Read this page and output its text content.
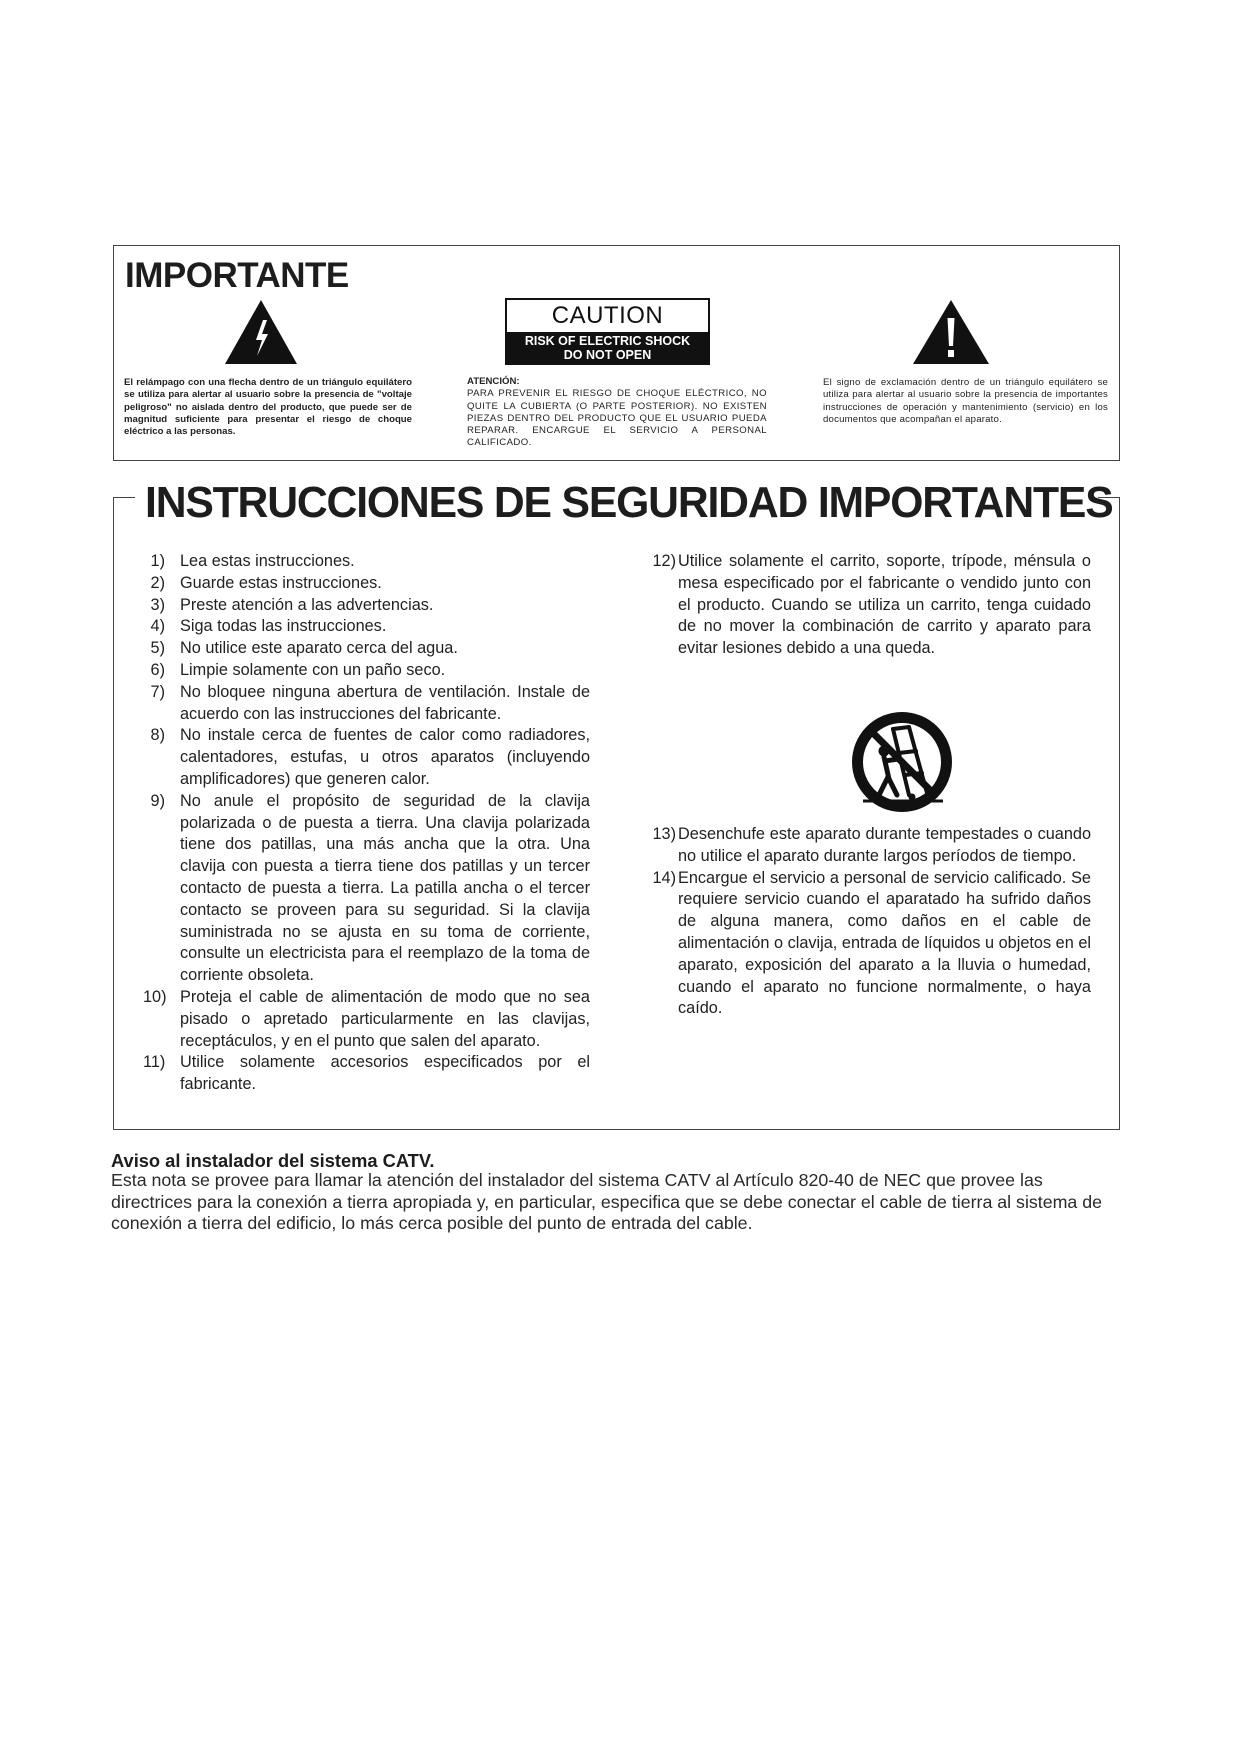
IMPORTANTE
CAUTION
RISK OF ELECTRIC SHOCK
DO NOT OPEN

El relámpago con una flecha dentro de un triángulo equilátero se utiliza para alertar al usuario sobre la presencia de "voltaje peligroso" no aislada dentro del producto, que puede ser de magnitud suficiente para presentar el riesgo de choque eléctrico a las personas.

ATENCIÓN:
PARA PREVENIR EL RIESGO DE CHOQUE ELÉCTRICO, NO QUITE LA CUBIERTA (O PARTE POSTERIOR). NO EXISTEN PIEZAS DENTRO DEL PRODUCTO QUE EL USUARIO PUEDA REPARAR. ENCARGUE EL SERVICIO A PERSONAL CALIFICADO.

El signo de exclamación dentro de un triángulo equilátero se utiliza para alertar al usuario sobre la presencia de importantes instrucciones de operación y mantenimiento (servicio) en los documentos que acompañan el aparato.

INSTRUCCIONES DE SEGURIDAD IMPORTANTES
1) Lea estas instrucciones.
2) Guarde estas instrucciones.
3) Preste atención a las advertencias.
4) Siga todas las instrucciones.
5) No utilice este aparato cerca del agua.
6) Limpie solamente con un paño seco.
7) No bloquee ninguna abertura de ventilación. Instale de acuerdo con las instrucciones del fabricante.
8) No instale cerca de fuentes de calor como radiadores, calentadores, estufas, u otros aparatos (incluyendo amplificadores) que generen calor.
9) No anule el propósito de seguridad de la clavija polarizada o de puesta a tierra. Una clavija polarizada tiene dos patillas, una más ancha que la otra. Una clavija con puesta a tierra tiene dos patillas y un tercer contacto de puesta a tierra. La patilla ancha o el tercer contacto se proveen para su seguridad. Si la clavija suministrada no se ajusta en su toma de corriente, consulte un electricista para el reemplazo de la toma de corriente obsoleta.
10) Proteja el cable de alimentación de modo que no sea pisado o apretado particularmente en las clavijas, receptáculos, y en el punto que salen del aparato.
11) Utilice solamente accesorios especificados por el fabricante.
12) Utilice solamente el carrito, soporte, trípode, ménsula o mesa especificado por el fabricante o vendido junto con el producto. Cuando se utiliza un carrito, tenga cuidado de no mover la combinación de carrito y aparato para evitar lesiones debido a una queda.
13) Desenchufe este aparato durante tempestades o cuando no utilice el aparato durante largos períodos de tiempo.
14) Encargue el servicio a personal de servicio calificado. Se requiere servicio cuando el aparatado ha sufrido daños de alguna manera, como daños en el cable de alimentación o clavija, entrada de líquidos u objetos en el aparato, exposición del aparato a la lluvia o humedad, cuando el aparato no funcione normalmente, o haya caído.
Aviso al instalador del sistema CATV.

Esta nota se provee para llamar la atención del instalador del sistema CATV al Artículo 820-40 de NEC que provee las directrices para la conexión a tierra apropiada y, en particular, especifica que se debe conectar el cable de tierra al sistema de conexión a tierra del edificio, lo más cerca posible del punto de entrada del cable.
